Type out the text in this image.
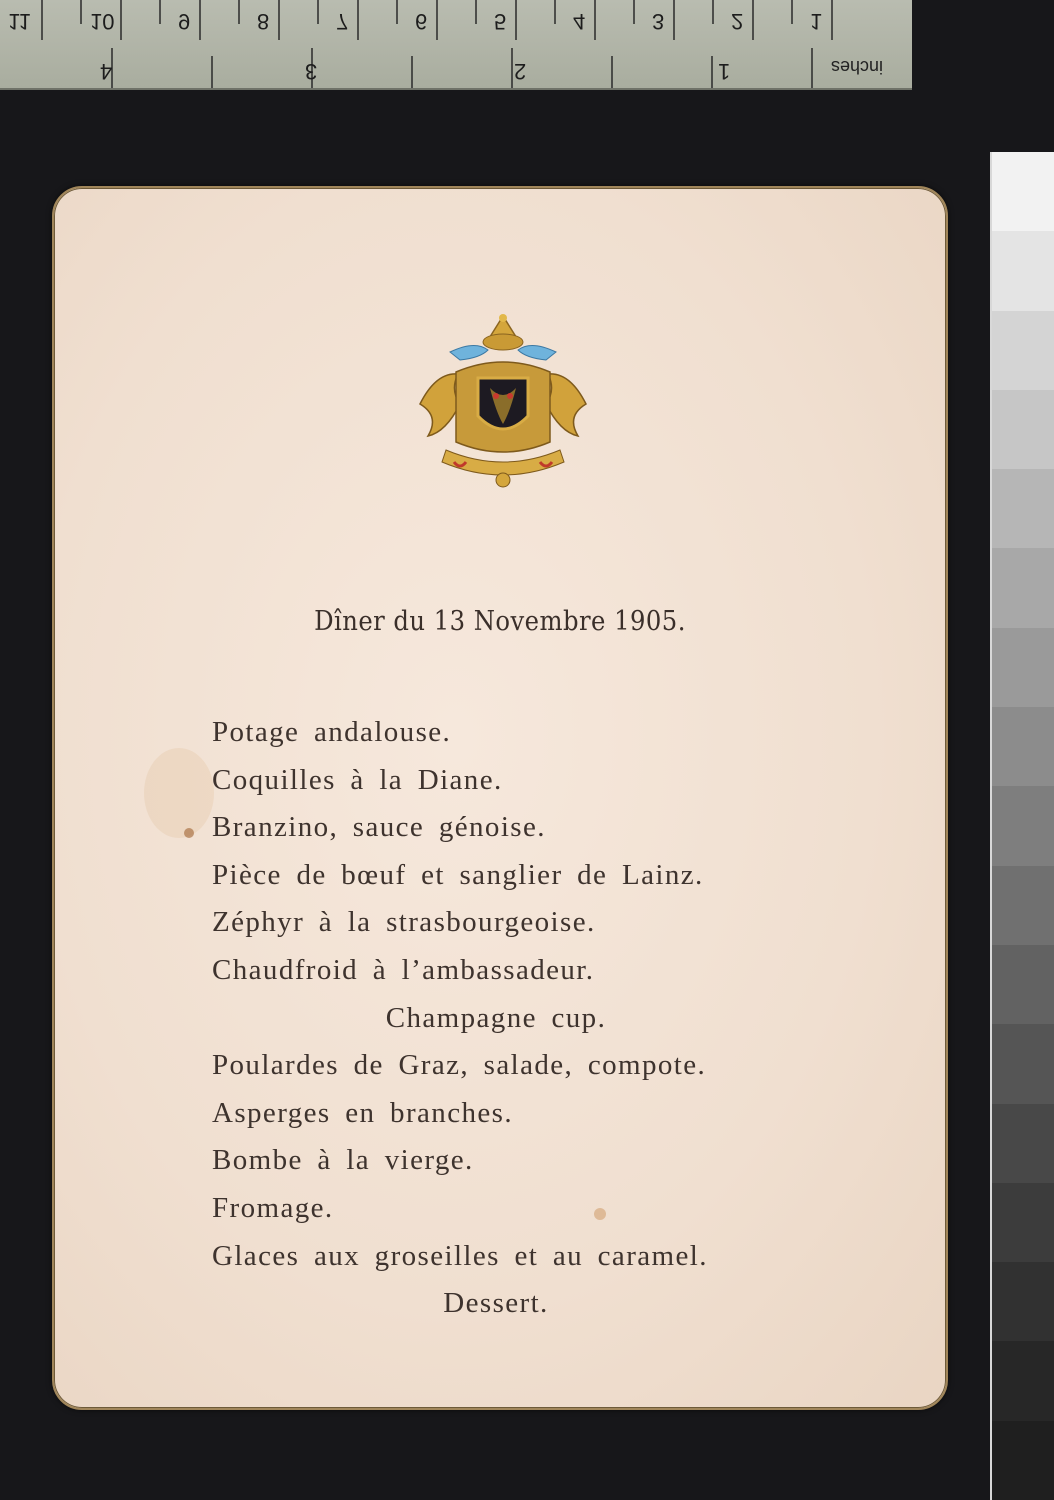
11	10	9	8	7	6	5	4	3	2	1
4	3	2	1	inches
Dîner du 13 Novembre 1905.
Potage andalouse.
Coquilles à la Diane.
Branzino, sauce génoise.
Pièce de bœuf et sanglier de Lainz.
Zéphyr à la strasbourgeoise.
Chaudfroid à l’ambassadeur.
Champagne cup.
Poulardes de Graz, salade, compote.
Asperges en branches.
Bombe à la vierge.
Fromage.
Glaces aux groseilles et au caramel.
Dessert.
